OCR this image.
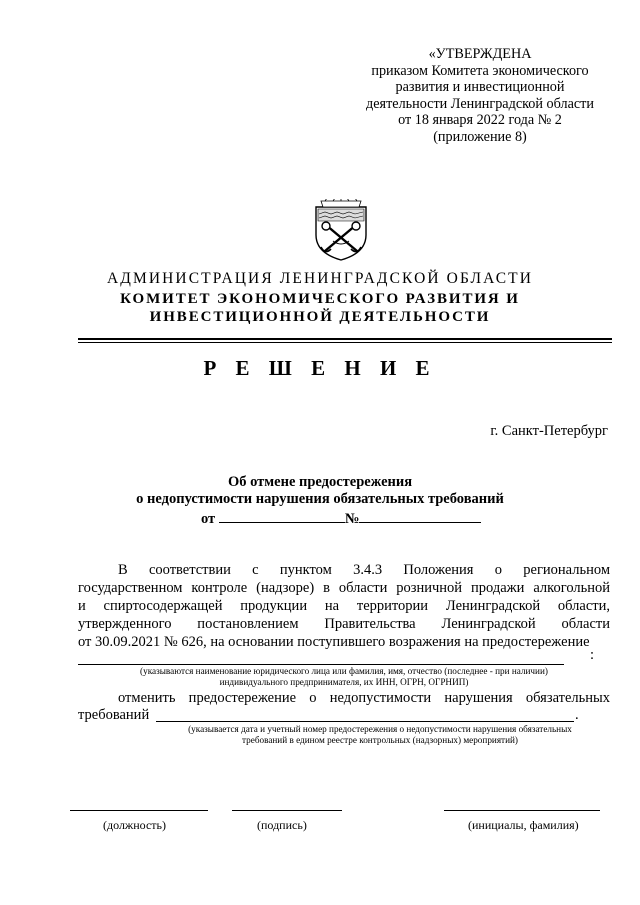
«УТВЕРЖДЕНА
приказом Комитета экономического
развития и инвестиционной
деятельности Ленинградской области
от 18 января 2022 года № 2
(приложение 8)
АДМИНИСТРАЦИЯ ЛЕНИНГРАДСКОЙ ОБЛАСТИ
КОМИТЕТ ЭКОНОМИЧЕСКОГО РАЗВИТИЯ И
ИНВЕСТИЦИОННОЙ ДЕЯТЕЛЬНОСТИ
Р Е Ш Е Н И Е
г. Санкт-Петербург
Об отмене предостережения
о недопустимости нарушения обязательных требований
от	№
В соответствии с пунктом 3.4.3 Положения о региональном
государственном контроле (надзоре) в области розничной продажи алкогольной
и спиртосодержащей продукции на территории Ленинградской области,
утвержденного постановлением Правительства Ленинградской области
от 30.09.2021 № 626, на основании поступившего возражения на предостережение
:
(указываются наименование юридического лица или фамилия, имя, отчество (последнее - при наличии)
индивидуального предпринимателя, их ИНН, ОГРН, ОГРНИП)
отменить предостережение о недопустимости нарушения обязательных
требований	.
(указывается дата и учетный номер предостережения о недопустимости нарушения обязательных
требований в едином реестре контрольных (надзорных) мероприятий)
(должность)	(подпись)	(инициалы, фамилия)
